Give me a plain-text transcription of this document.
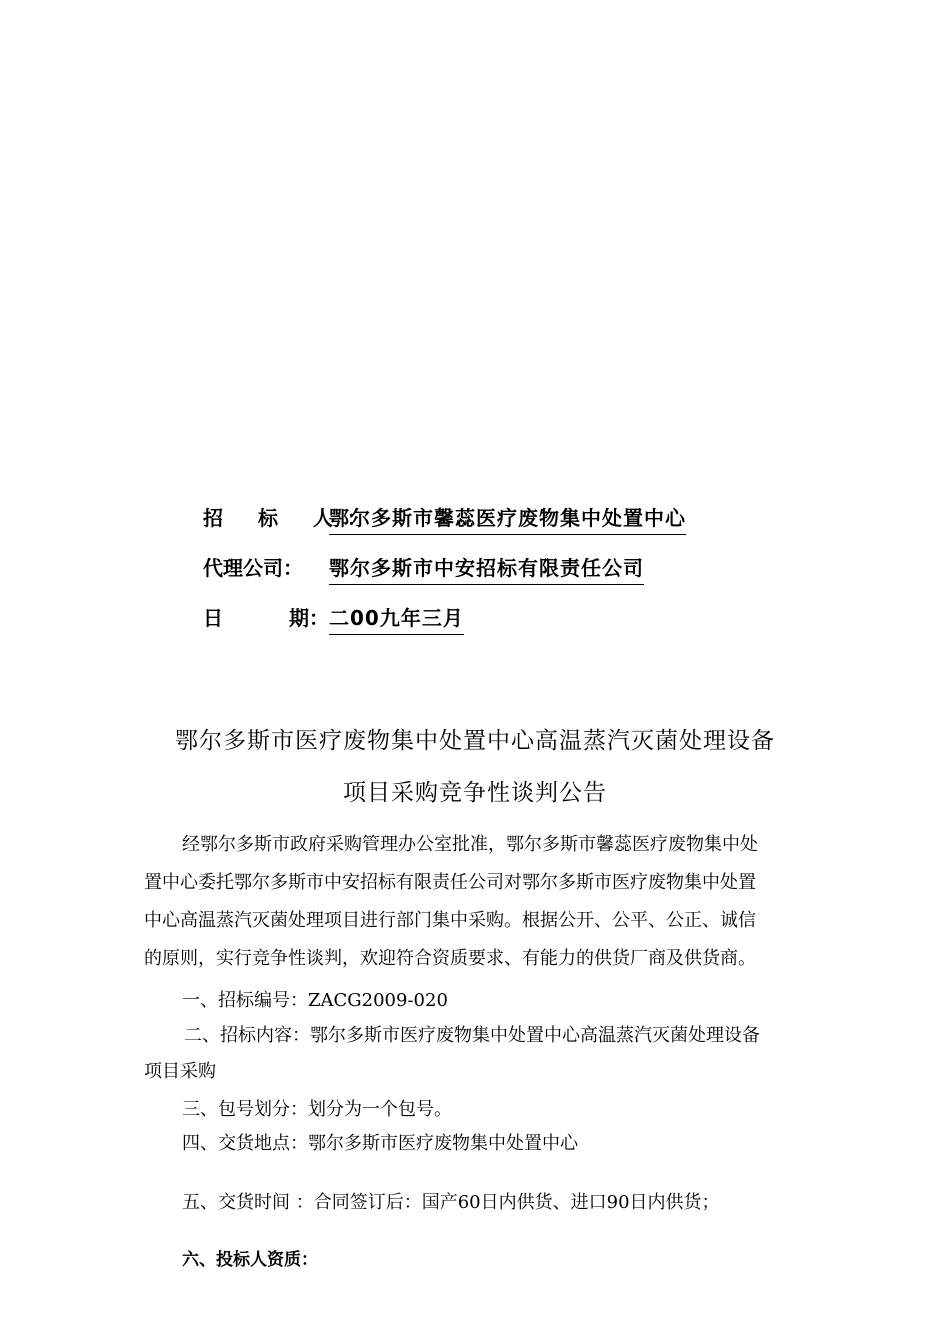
招 标 人：
鄂尔多斯市馨蕊医疗废物集中处置中心
代理公司：	鄂尔多斯市中安招标有限责任公司
日	期： 二00九年三月
鄂尔多斯市医疗废物集中处置中心高温蒸汽灭菌处理设备
项目采购竞争性谈判公告
经鄂尔多斯市政府采购管理办公室批准，鄂尔多斯市馨蕊医疗废物集中处
置中心委托鄂尔多斯市中安招标有限责任公司对鄂尔多斯市医疗废物集中处置
中心高温蒸汽灭菌处理项目进行部门集中采购。根据公开、公平、公正、诚信
的原则，实行竞争性谈判，欢迎符合资质要求、有能力的供货厂商及供货商。
一、招标编号：ZACG2009-020
二、招标内容：鄂尔多斯市医疗废物集中处置中心高温蒸汽灭菌处理设备
项目采购
三、包号划分：划分为一个包号。
四、交货地点：鄂尔多斯市医疗废物集中处置中心
五、交货时间 ：合同签订后：国产60日内供货、进口90日内供货；
六、投标人资质：
